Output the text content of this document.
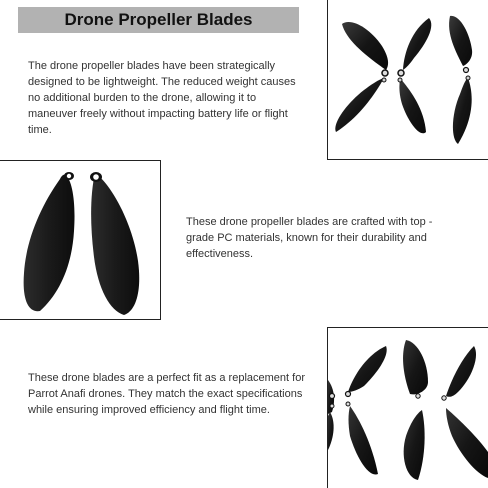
Drone Propeller Blades
The drone propeller blades have been strategically designed to be lightweight. The reduced weight causes no additional burden to the drone, allowing it to maneuver freely without impacting battery life or flight time.
These drone propeller blades are crafted with top - grade PC materials, known for their durability and effectiveness.
These drone blades are a perfect fit as a replacement for Parrot Anafi drones. They match the exact specifications while ensuring improved efficiency and flight time.
